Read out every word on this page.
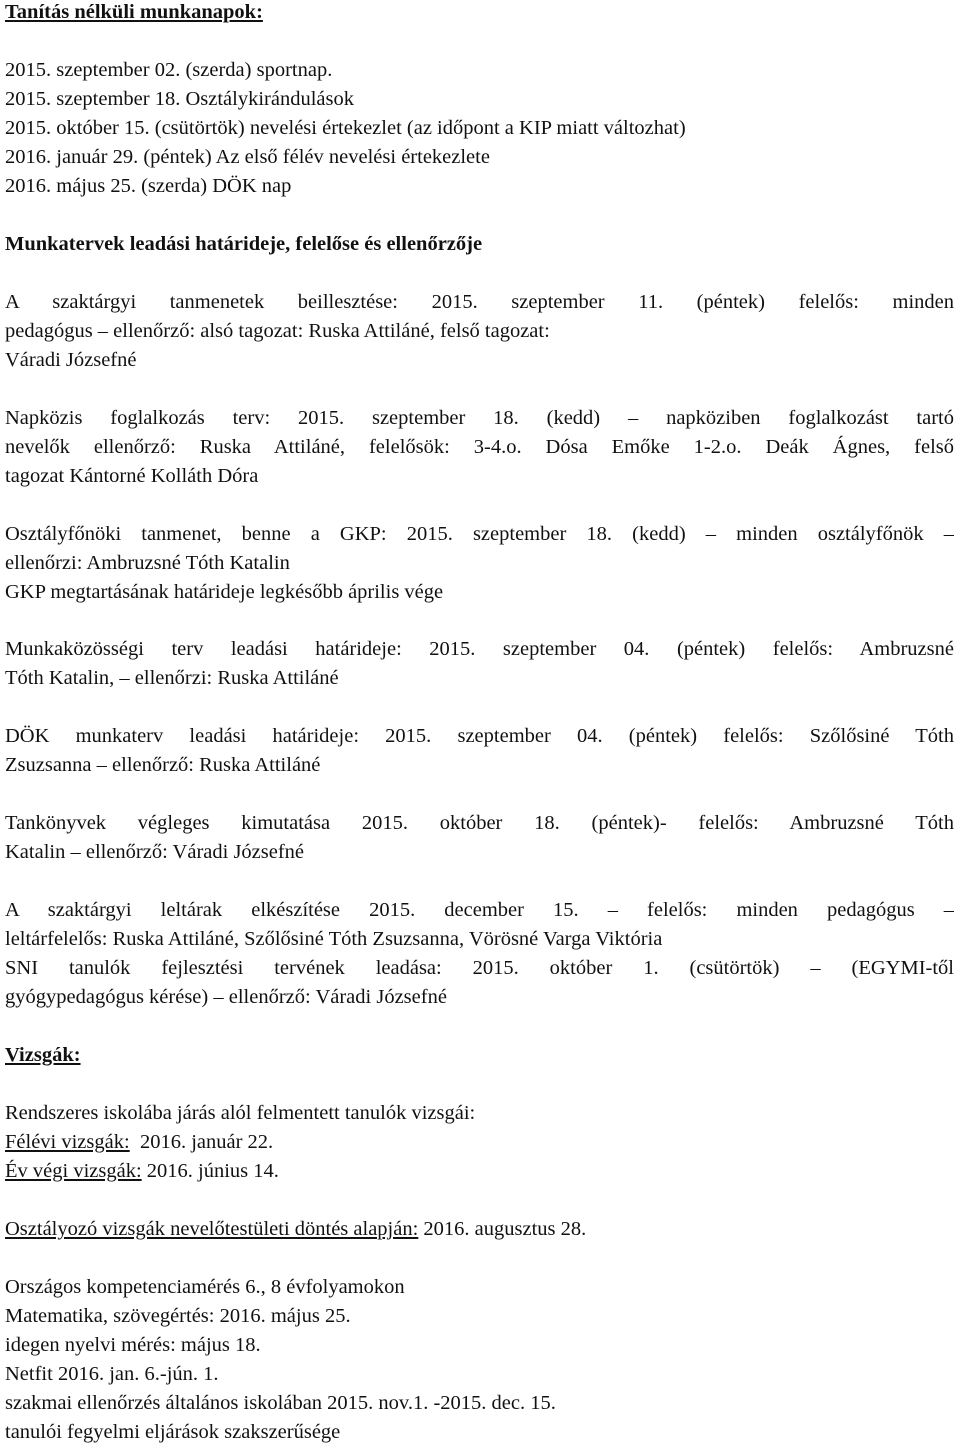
Tanítás nélküli munkanapok:
2015. szeptember 02. (szerda) sportnap.
2015. szeptember 18. Osztálykirándulások
2015. október 15. (csütörtök) nevelési értekezlet (az időpont a KIP miatt változhat)
2016. január 29. (péntek) Az első félév nevelési értekezlete
2016. május 25. (szerda) DÖK nap
Munkatervek leadási határideje, felelőse és ellenőrzője
A szaktárgyi tanmenetek beillesztése: 2015. szeptember 11. (péntek) felelős: minden
pedagógus – ellenőrző: alsó tagozat: Ruska Attiláné, felső tagozat:
Váradi Józsefné
Napközis foglalkozás terv: 2015. szeptember 18. (kedd) – napköziben foglalkozást tartó
nevelők ellenőrző: Ruska Attiláné, felelősök: 3-4.o. Dósa Emőke 1-2.o. Deák Ágnes, felső
tagozat Kántorné Kolláth Dóra
Osztályfőnöki tanmenet, benne a GKP: 2015. szeptember 18. (kedd) – minden osztályfőnök –
ellenőrzi: Ambruzsné Tóth Katalin
GKP megtartásának határideje legkésőbb április vége
Munkaközösségi terv leadási határideje: 2015. szeptember 04. (péntek) felelős: Ambruzsné
Tóth Katalin, – ellenőrzi: Ruska Attiláné
DÖK munkaterv leadási határideje: 2015. szeptember 04. (péntek) felelős: Szőlősiné Tóth
Zsuzsanna – ellenőrző: Ruska Attiláné
Tankönyvek végleges kimutatása 2015. október 18. (péntek)- felelős: Ambruzsné Tóth
Katalin – ellenőrző: Váradi Józsefné
A szaktárgyi leltárak elkészítése 2015. december 15. – felelős: minden pedagógus –
leltárfelelős: Ruska Attiláné, Szőlősiné Tóth Zsuzsanna, Vörösné Varga Viktória
SNI tanulók fejlesztési tervének leadása: 2015. október 1. (csütörtök) – (EGYMI-től
gyógypedagógus kérése) – ellenőrző: Váradi Józsefné
Vizsgák:
Rendszeres iskolába járás alól felmentett tanulók vizsgái:
Félévi vizsgák:  2016. január 22.
Év végi vizsgák: 2016. június 14.
Osztályozó vizsgák nevelőtestületi döntés alapján: 2016. augusztus 28.
Országos kompetenciamérés 6., 8 évfolyamokon
Matematika, szövegértés: 2016. május 25.
idegen nyelvi mérés: május 18.
Netfit 2016. jan. 6.-jún. 1.
szakmai ellenőrzés általános iskolában 2015. nov.1. -2015. dec. 15.
tanulói fegyelmi eljárások szakszerűsége
